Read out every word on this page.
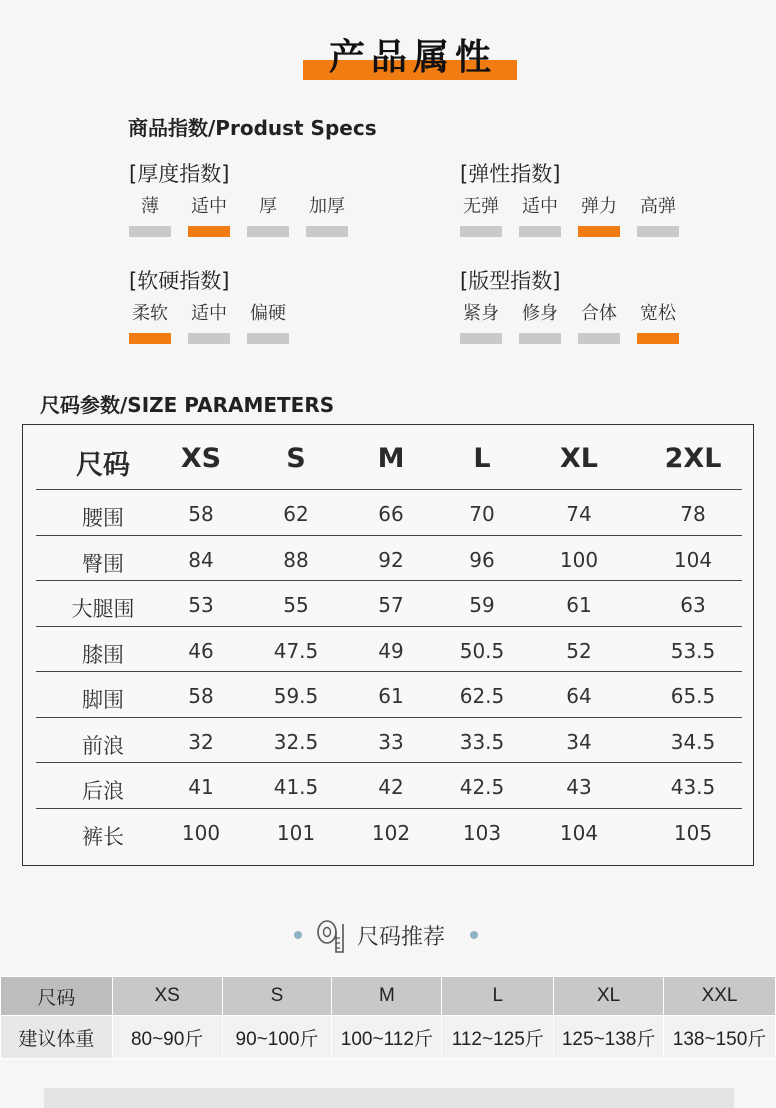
产品属性
商品指数/Produst Specs
[厚度指数]
薄	适中	厚	加厚
[弹性指数]
无弹 适中 弹力 高弹
[软硬指数]
柔软 适中 偏硬
[版型指数]
紧身 修身 合体 宽松
尺码参数/SIZE PARAMETERS
尺码 XS S	M	L	XL 2XL
腰围	58	62	66	70	74	78
臀围	84	88	92	96	100	104
大腿围	53	55	57	59	61	63
膝围	46	47.5	49	50.5	52	53.5
脚围	58	59.5	61	62.5	64	65.5
前浪	32	32.5	33	33.5	34	34.5
后浪	41	41.5	42	42.5	43	43.5
裤长	100	101	102	103	104	105
尺码推荐
尺码	XS	S	M	L	XL	XXL
建议体重	80~90斤	90~100斤	100~112斤	112~125斤	125~138斤	138~150斤
